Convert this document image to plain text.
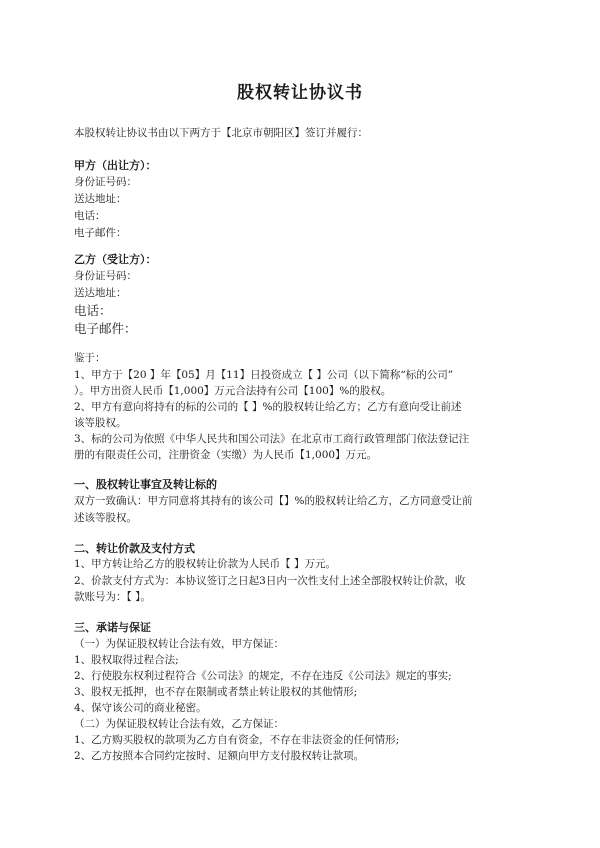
股权转让协议书
本股权转让协议书由以下两方于【北京市朝阳区】签订并履行：
甲方（出让方）：
身份证号码：
送达地址：
电话：
电子邮件：
乙方（受让方）：
身份证号码：
送达地址：
电话：
电子邮件：
鉴于：
1、甲方于【20 】年【05】月【11】日投资成立【 】公司（以下简称“标的公司”
）。甲方出资人民币【1,000】万元合法持有公司【100】%的股权。
2、甲方有意向将持有的标的公司的【 】%的股权转让给乙方；乙方有意向受让前述
该等股权。
3、标的公司为依照《中华人民共和国公司法》在北京市工商行政管理部门依法登记注
册的有限责任公司，注册资金（实缴）为人民币【1,000】万元。
一、股权转让事宜及转让标的
双方一致确认：甲方同意将其持有的该公司【】%的股权转让给乙方，乙方同意受让前
述该等股权。
二、转让价款及支付方式
1、甲方转让给乙方的股权转让价款为人民币【 】万元。
2、价款支付方式为：本协议签订之日起3日内一次性支付上述全部股权转让价款，收
款账号为：【 】。
三、承诺与保证
（一）为保证股权转让合法有效，甲方保证：
1、股权取得过程合法;
2、行使股东权利过程符合《公司法》的规定，不存在违反《公司法》规定的事实;
3、股权无抵押，也不存在限制或者禁止转让股权的其他情形;
4、保守该公司的商业秘密。
（二）为保证股权转让合法有效，乙方保证：
1、乙方购买股权的款项为乙方自有资金，不存在非法资金的任何情形;
2、乙方按照本合同约定按时、足额向甲方支付股权转让款项。
